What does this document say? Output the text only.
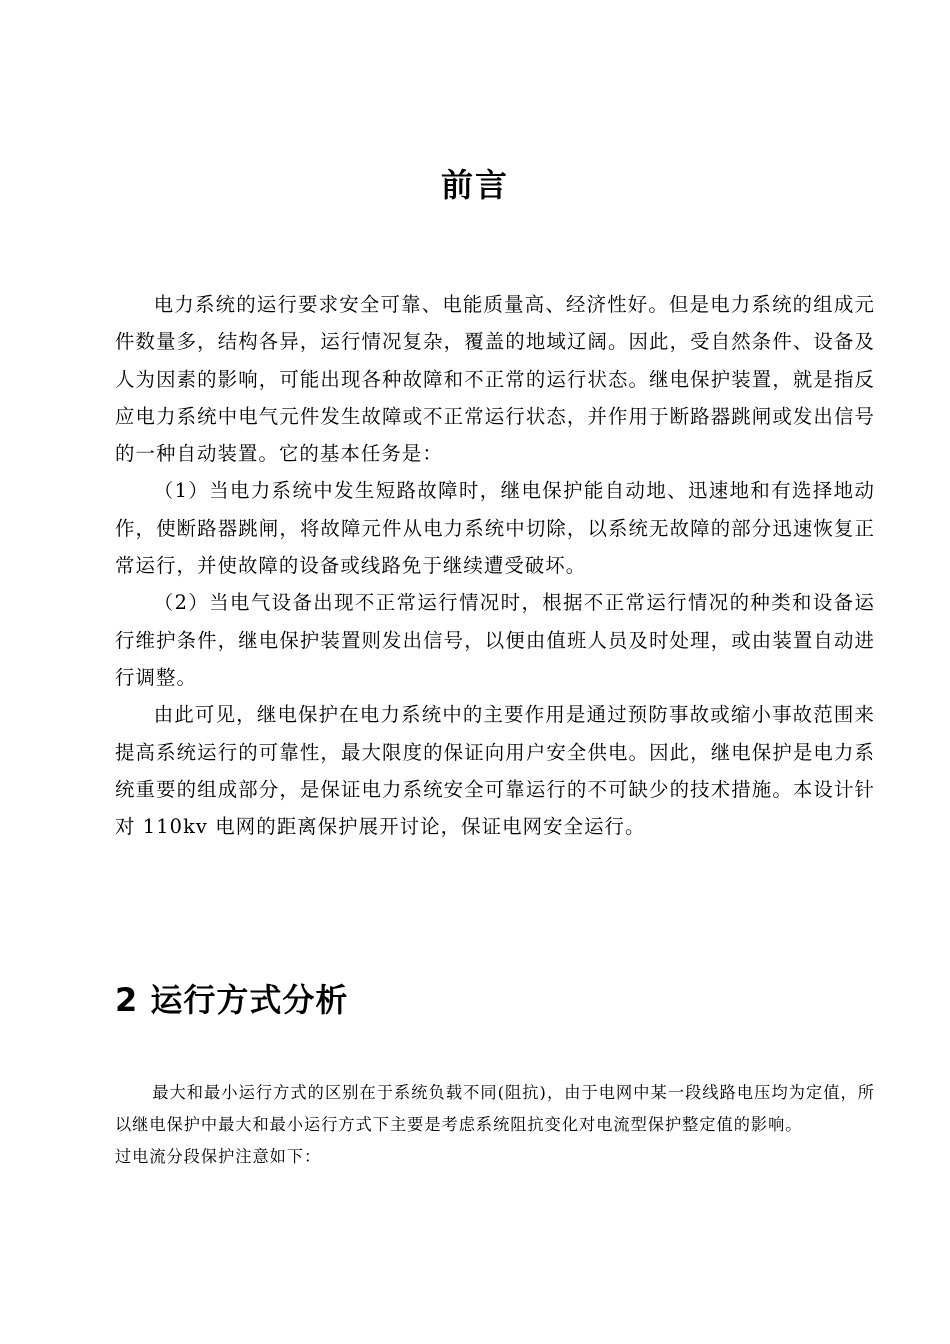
前言

电力系统的运行要求安全可靠、电能质量高、经济性好。但是电力系统的组成元件数量多，结构各异，运行情况复杂，覆盖的地域辽阔。因此，受自然条件、设备及人为因素的影响，可能出现各种故障和不正常的运行状态。继电保护装置，就是指反应电力系统中电气元件发生故障或不正常运行状态，并作用于断路器跳闸或发出信号的一种自动装置。它的基本任务是：

（1）当电力系统中发生短路故障时，继电保护能自动地、迅速地和有选择地动作，使断路器跳闸，将故障元件从电力系统中切除，以系统无故障的部分迅速恢复正常运行，并使故障的设备或线路免于继续遭受破坏。

（2）当电气设备出现不正常运行情况时，根据不正常运行情况的种类和设备运行维护条件，继电保护装置则发出信号，以便由值班人员及时处理，或由装置自动进行调整。

由此可见，继电保护在电力系统中的主要作用是通过预防事故或缩小事故范围来提高系统运行的可靠性，最大限度的保证向用户安全供电。因此，继电保护是电力系统重要的组成部分，是保证电力系统安全可靠运行的不可缺少的技术措施。本设计针对 110kv 电网的距离保护展开讨论，保证电网安全运行。

2 运行方式分析

最大和最小运行方式的区别在于系统负载不同(阻抗)，由于电网中某一段线路电压均为定值，所以继电保护中最大和最小运行方式下主要是考虑系统阻抗变化对电流型保护整定值的影响。

过电流分段保护注意如下：
